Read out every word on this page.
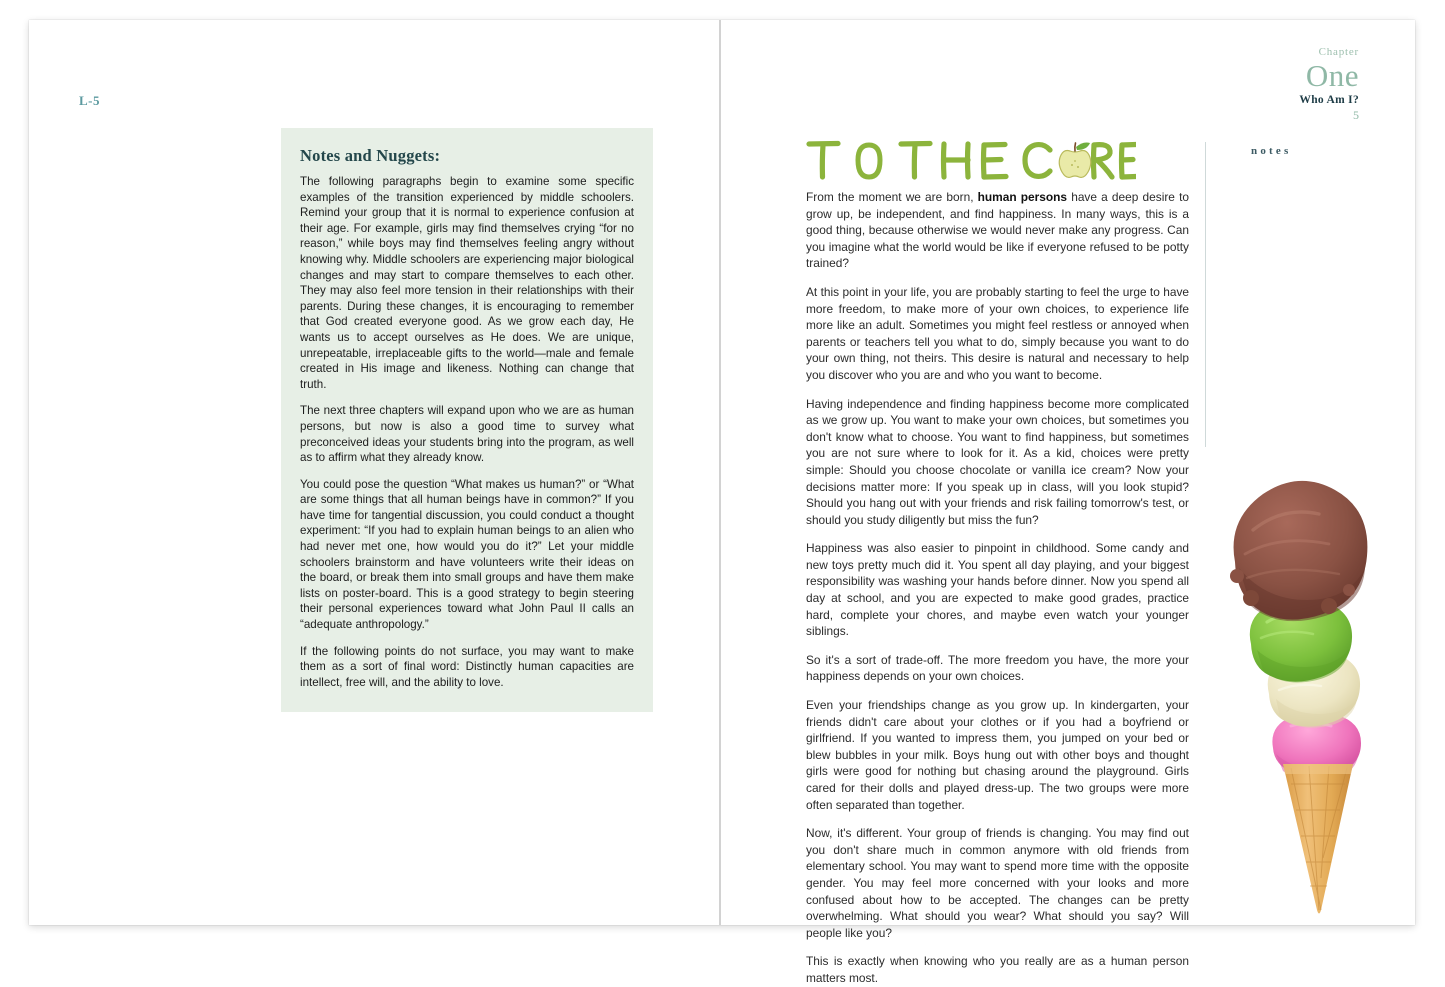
L-5
Notes and Nuggets:

The following paragraphs begin to examine some specific examples of the transition experienced by middle schoolers. Remind your group that it is normal to experience confusion at their age. For example, girls may find themselves crying “for no reason,” while boys may find themselves feeling angry without knowing why. Middle schoolers are experiencing major biological changes and may start to compare themselves to each other. They may also feel more tension in their relationships with their parents. During these changes, it is encouraging to remember that God created everyone good. As we grow each day, He wants us to accept ourselves as He does. We are unique, unrepeatable, irreplaceable gifts to the world—male and female created in His image and likeness. Nothing can change that truth.

The next three chapters will expand upon who we are as human persons, but now is also a good time to survey what preconceived ideas your students bring into the program, as well as to affirm what they already know.

You could pose the question “What makes us human?” or “What are some things that all human beings have in common?” If you have time for tangential discussion, you could conduct a thought experiment: “If you had to explain human beings to an alien who had never met one, how would you do it?” Let your middle schoolers brainstorm and have volunteers write their ideas on the board, or break them into small groups and have them make lists on poster-board. This is a good strategy to begin steering their personal experiences toward what John Paul II calls an “adequate anthropology.”

If the following points do not surface, you may want to make them as a sort of final word: Distinctly human capacities are intellect, free will, and the ability to love.

Chapter
One
Who Am I?
5
notes

From the moment we are born, human persons have a deep desire to grow up, be independent, and find happiness. In many ways, this is a good thing, because otherwise we would never make any progress. Can you imagine what the world would be like if everyone refused to be potty trained?

At this point in your life, you are probably starting to feel the urge to have more freedom, to make more of your own choices, to experience life more like an adult. Sometimes you might feel restless or annoyed when parents or teachers tell you what to do, simply because you want to do your own thing, not theirs. This desire is natural and necessary to help you discover who you are and who you want to become.

Having independence and finding happiness become more complicated as we grow up. You want to make your own choices, but sometimes you don't know what to choose. You want to find happiness, but sometimes you are not sure where to look for it. As a kid, choices were pretty simple: Should you choose chocolate or vanilla ice cream? Now your decisions matter more: If you speak up in class, will you look stupid? Should you hang out with your friends and risk failing tomorrow's test, or should you study diligently but miss the fun?

Happiness was also easier to pinpoint in childhood. Some candy and new toys pretty much did it. You spent all day playing, and your biggest responsibility was washing your hands before dinner. Now you spend all day at school, and you are expected to make good grades, practice hard, complete your chores, and maybe even watch your younger siblings.

So it's a sort of trade-off. The more freedom you have, the more your happiness depends on your own choices.

Even your friendships change as you grow up. In kindergarten, your friends didn't care about your clothes or if you had a boyfriend or girlfriend. If you wanted to impress them, you jumped on your bed or blew bubbles in your milk. Boys hung out with other boys and thought girls were good for nothing but chasing around the playground. Girls cared for their dolls and played dress-up. The two groups were more often separated than together.

Now, it's different. Your group of friends is changing. You may find out you don't share much in common anymore with old friends from elementary school. You may want to spend more time with the opposite gender. You may feel more concerned with your looks and more confused about how to be accepted. The changes can be pretty overwhelming. What should you wear? What should you say? Will people like you?

This is exactly when knowing who you really are as a human person matters most.
